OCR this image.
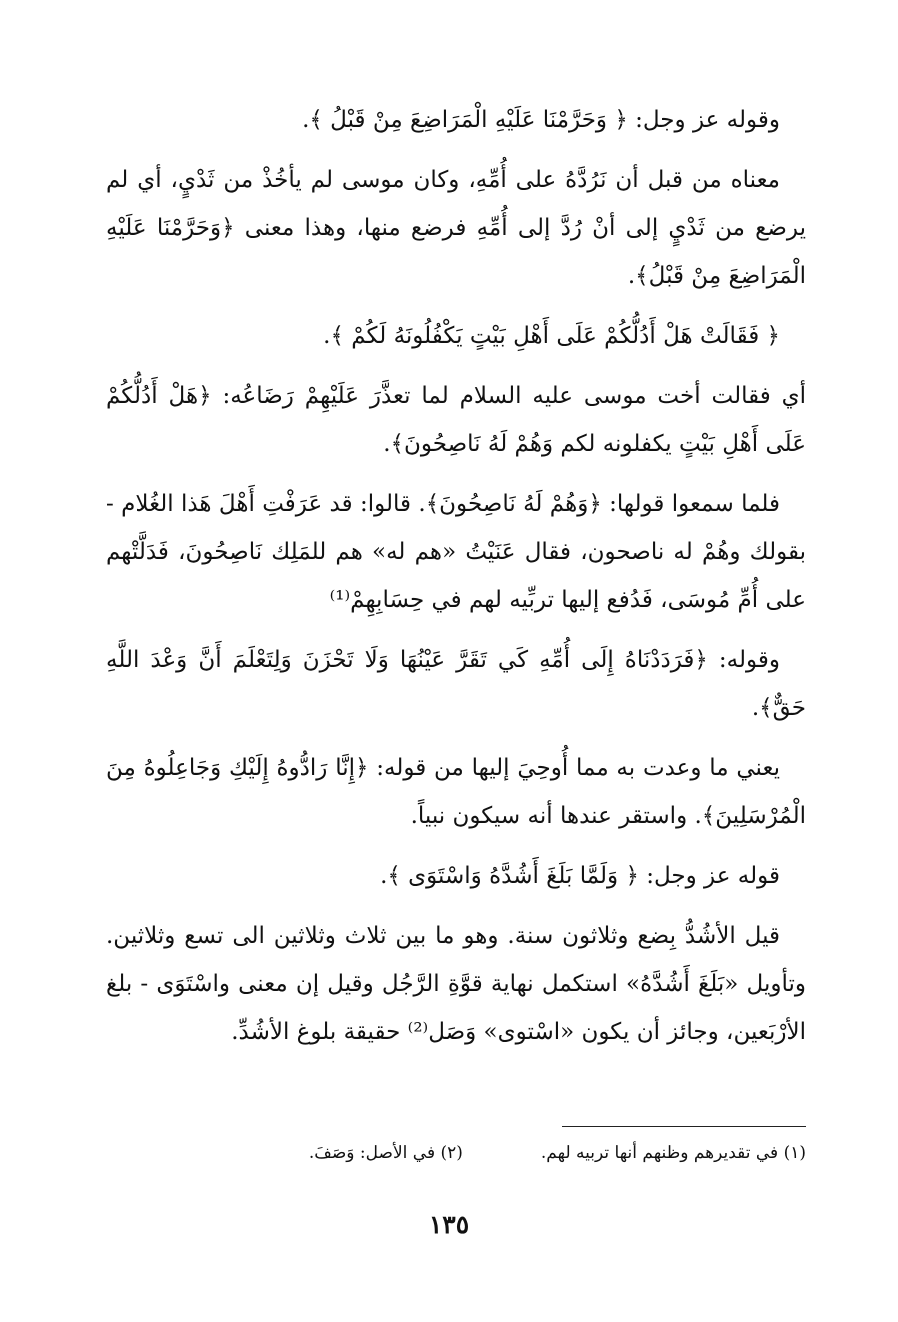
وقوله عز وجل: ﴿ وَحَرَّمْنَا عَلَيْهِ الْمَرَاضِعَ مِنْ قَبْلُ ﴾.

معناه من قبل أن نَرُدَّهُ على أُمِّهِ، وكان موسى لم يأخُذْ من ثَدْيٍ، أي لم يرضع من ثَدْيٍ إلى أنْ رُدَّ إلى أُمِّهِ فرضع منها، وهذا معنى ﴿وَحَرَّمْنَا عَلَيْهِ الْمَرَاضِعَ مِنْ قَبْلُ﴾.

﴿ فَقَالَتْ هَلْ أَدُلُّكُمْ عَلَى أَهْلِ بَيْتٍ يَكْفُلُونَهُ لَكُمْ ﴾.

أي فقالت أخت موسى عليه السلام لما تعذَّرَ عَلَيْهِمْ رَضَاعُه: ﴿هَلْ أَدُلُّكُمْ عَلَى أَهْلِ بَيْتٍ يكفلونه لكم وَهُمْ لَهُ نَاصِحُونَ﴾.

فلما سمعوا قولها: ﴿وَهُمْ لَهُ نَاصِحُونَ﴾. قالوا: قد عَرَفْتِ أَهْلَ هَذا الغُلام - بقولك وهُمْ له ناصحون، فقال عَنَيْتُ «هم له» هم للمَلِك نَاصِحُونَ، فَدَلَّتْهم على أُمِّ مُوسَى، فَدُفع إليها تربِّيه لهم في حِسَابِهِمْ⁽¹⁾

وقوله: ﴿فَرَدَدْنَاهُ إِلَى أُمِّهِ كَي تَقَرَّ عَيْنُهَا وَلَا تَحْزَنَ وَلِتَعْلَمَ أَنَّ وَعْدَ اللَّهِ حَقٌّ﴾.

يعني ما وعدت به مما أُوحِيَ إليها من قوله: ﴿إِنَّا رَادُّوهُ إِلَيْكِ وَجَاعِلُوهُ مِنَ الْمُرْسَلِينَ﴾. واستقر عندها أنه سيكون نبياً.

قوله عز وجل: ﴿ وَلَمَّا بَلَغَ أَشُدَّهُ وَاسْتَوَى ﴾.

قيل الأشُدُّ بِضع وثلاثون سنة. وهو ما بين ثلاث وثلاثين الى تسع وثلاثين. وتأويل «بَلَغَ أَشُدَّهُ» استكمل نهاية قوَّةِ الرَّجُل وقيل إن معنى واسْتَوَى - بلغ الأرْبَعين، وجائز أن يكون «اسْتوى» وَصَل⁽²⁾ حقيقة بلوغ الأشُدِّ.

(١) في تقديرهم وظنهم أنها تربيه لهم.
(٢) في الأصل: وَصَفَ.
١٣٥
